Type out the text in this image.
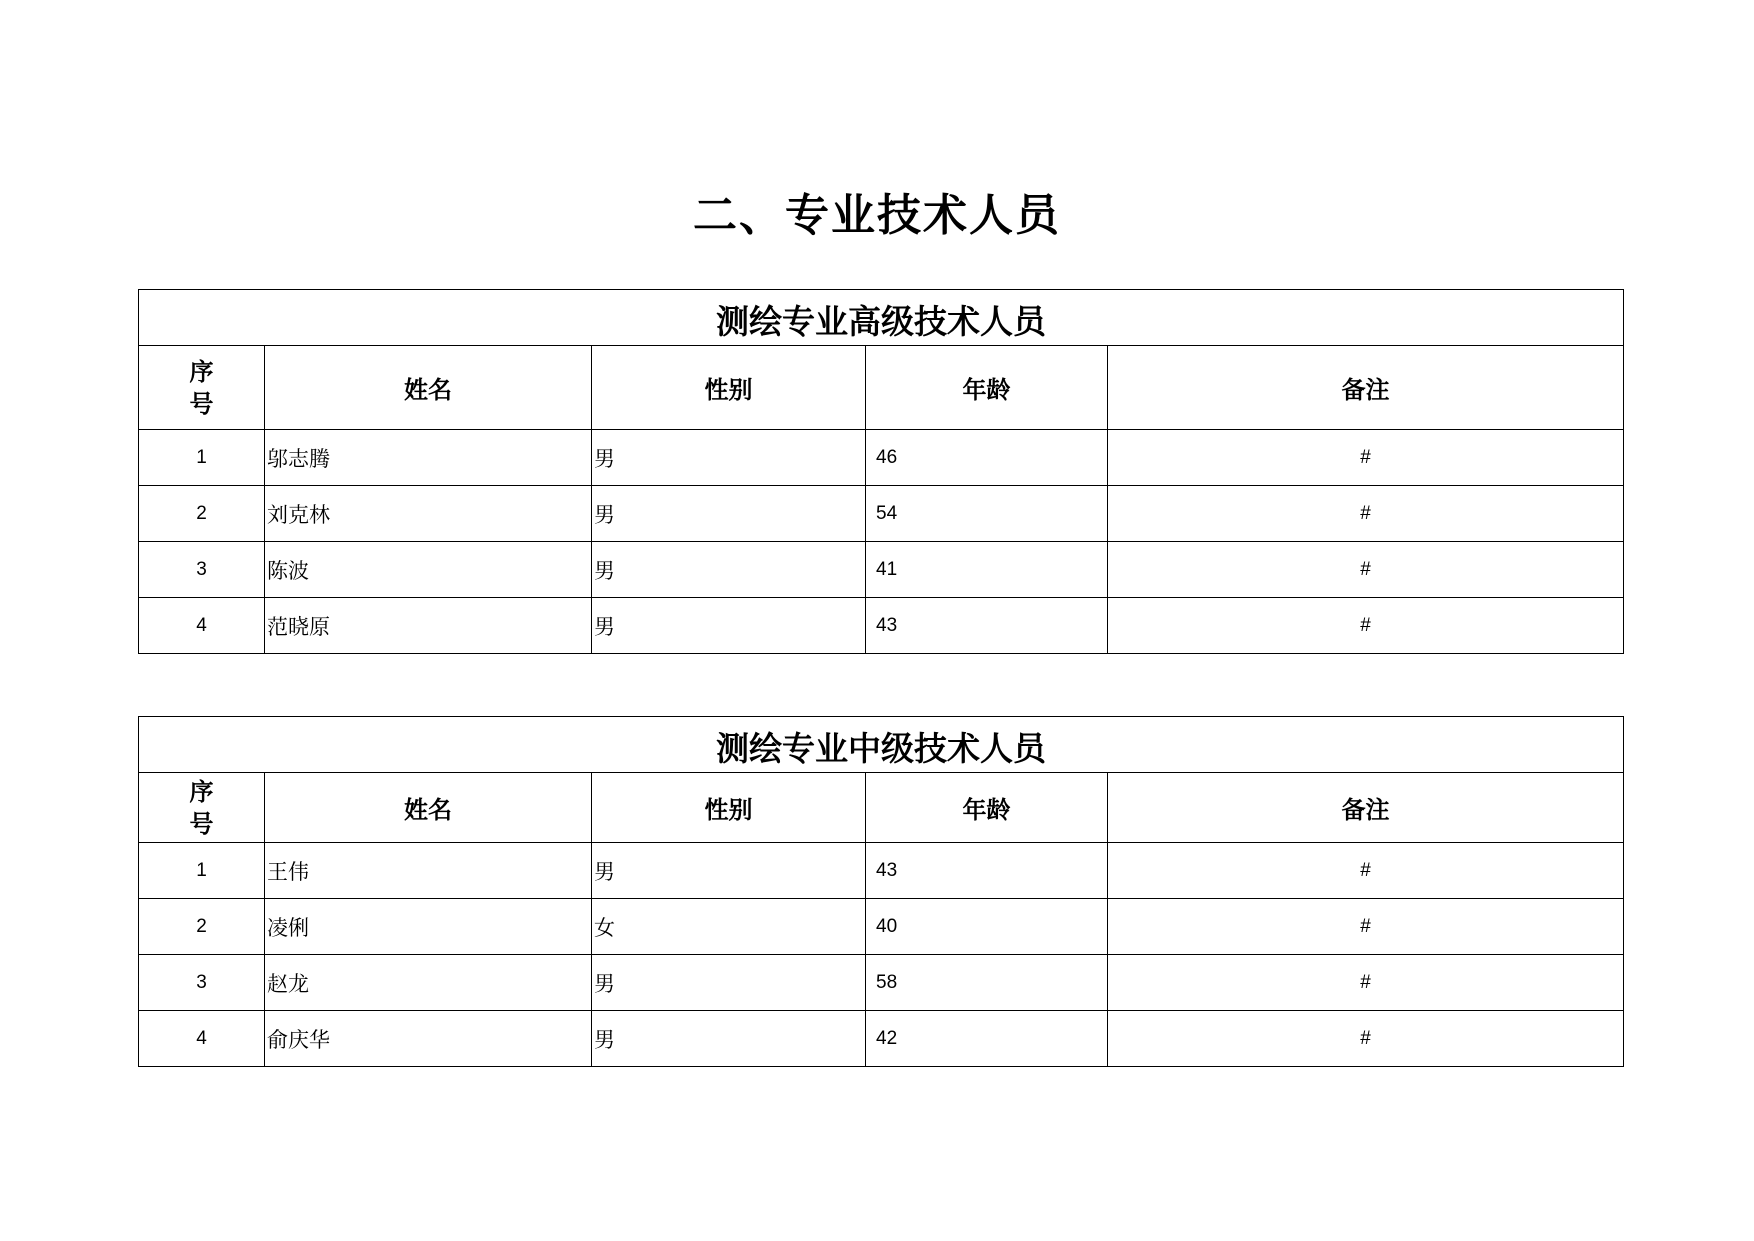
二、专业技术人员
测绘专业高级技术人员				

序
号	姓名	性别	年龄	备注
1	邬志腾	男	46	#
2	刘克林	男	54	#
3	陈波	男	41	#
4	范晓原	男	43	#
测绘专业中级技术人员				

序
号	姓名	性别	年龄	备注
1	王伟	男	43	#
2	凌俐	女	40	#
3	赵龙	男	58	#
4	俞庆华	男	42	#
